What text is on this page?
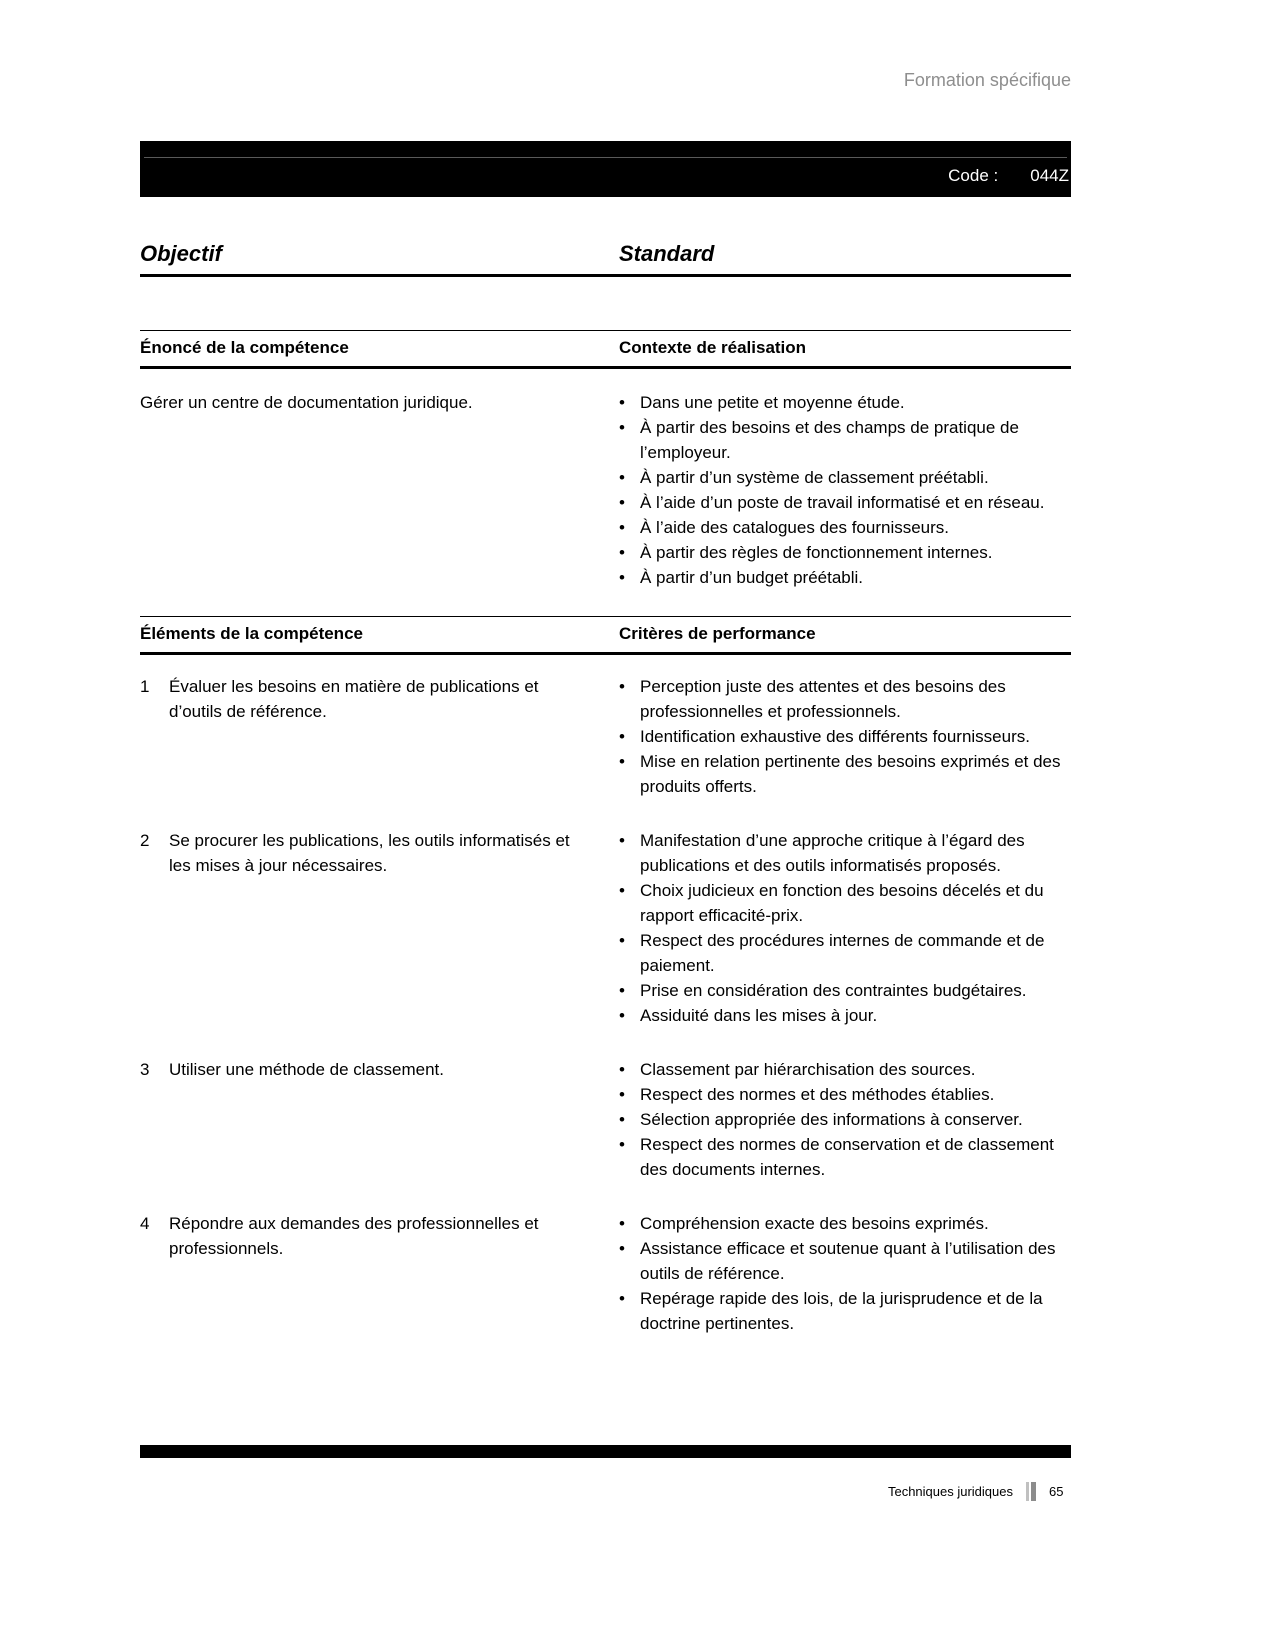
Formation spécifique
Code : 044Z
Objectif	Standard
Énoncé de la compétence	Contexte de réalisation
Gérer un centre de documentation juridique.	• Dans une petite et moyenne étude.
• À partir des besoins et des champs de pratique de l’employeur.
• À partir d’un système de classement préétabli.
• À l’aide d’un poste de travail informatisé et en réseau.
• À l’aide des catalogues des fournisseurs.
• À partir des règles de fonctionnement internes.
• À partir d’un budget préétabli.
Éléments de la compétence	Critères de performance
1	Évaluer les besoins en matière de publications et d’outils de référence.
• Perception juste des attentes et des besoins des professionnelles et professionnels.
• Identification exhaustive des différents fournisseurs.
• Mise en relation pertinente des besoins exprimés et des produits offerts.
2	Se procurer les publications, les outils informatisés et les mises à jour nécessaires.
• Manifestation d’une approche critique à l’égard des publications et des outils informatisés proposés.
• Choix judicieux en fonction des besoins décelés et du rapport efficacité-prix.
• Respect des procédures internes de commande et de paiement.
• Prise en considération des contraintes budgétaires.
• Assiduité dans les mises à jour.
3	Utiliser une méthode de classement.	• Classement par hiérarchisation des sources.
• Respect des normes et des méthodes établies.
• Sélection appropriée des informations à conserver.
• Respect des normes de conservation et de classement des documents internes.
4	Répondre aux demandes des professionnelles et professionnels.
• Compréhension exacte des besoins exprimés.
• Assistance efficace et soutenue quant à l’utilisation des outils de référence.
• Repérage rapide des lois, de la jurisprudence et de la doctrine pertinentes.
Techniques juridiques	65
